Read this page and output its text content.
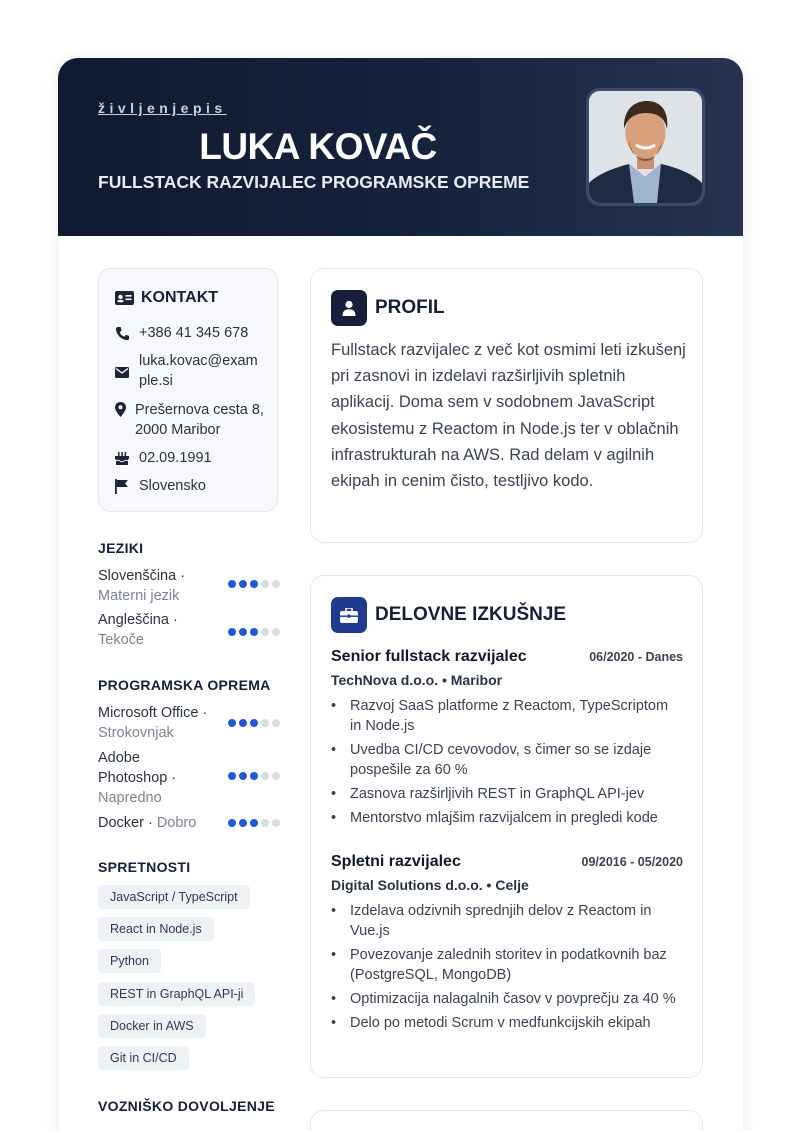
življenjepis
LUKA KOVAČ
FULLSTACK RAZVIJALEC PROGRAMSKE OPREME
KONTAKT
+386 41 345 678
luka.kovac@example.si
Prešernova cesta 8, 2000 Maribor
02.09.1991
Slovensko
JEZIKI
Slovenščina · Materni jezik
Angleščina · Tekoče
PROGRAMSKA OPREMA
Microsoft Office · Strokovnjak
Adobe Photoshop · Napredno
Docker · Dobro
SPRETNOSTI
JavaScript / TypeScript
React in Node.js
Python
REST in GraphQL API-ji
Docker in AWS
Git in CI/CD
VOZNIŠKO DOVOLJENJE
PROFIL
Fullstack razvijalec z več kot osmimi leti izkušenj pri zasnovi in izdelavi razširljivih spletnih aplikacij. Doma sem v sodobnem JavaScript ekosistemu z Reactom in Node.js ter v oblačnih infrastrukturah na AWS. Rad delam v agilnih ekipah in cenim čisto, testljivo kodo.
DELOVNE IZKUŠNJE
Senior fullstack razvijalec	06/2020 - Danes
TechNova d.o.o. • Maribor
• Razvoj SaaS platforme z Reactom, TypeScriptom in Node.js
• Uvedba CI/CD cevovodov, s čimer so se izdaje pospešile za 60 %
• Zasnova razširljivih REST in GraphQL API-jev
• Mentorstvo mlajšim razvijalcem in pregledi kode
Spletni razvijalec	09/2016 - 05/2020
Digital Solutions d.o.o. • Celje
• Izdelava odzivnih sprednjih delov z Reactom in Vue.js
• Povezovanje zalednih storitev in podatkovnih baz (PostgreSQL, MongoDB)
• Optimizacija nalagalnih časov v povprečju za 40 %
• Delo po metodi Scrum v medfunkcijskih ekipah
